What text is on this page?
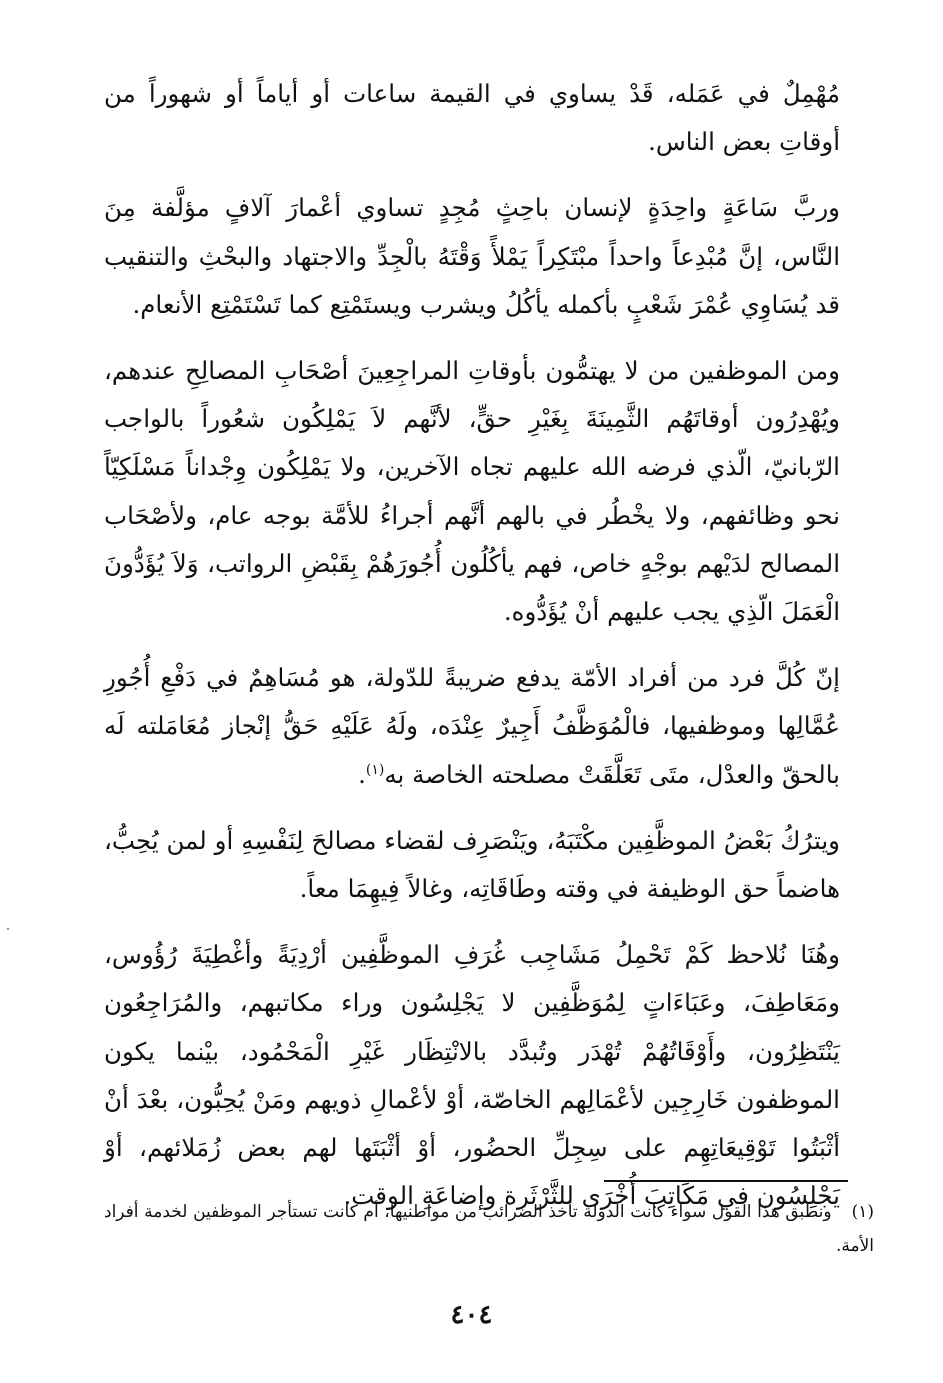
مُهْمِلٌ في عَمَله، قَدْ يساوي في القيمة ساعات أو أياماً أو شهوراً من أوقاتِ بعض الناس.

وربَّ سَاعَةٍ واحِدَةٍ لإنسان باحِثٍ مُجِدٍ تساوي أعْمارَ آلافٍ مؤلَّفة مِنَ النَّاس، إنَّ مُبْدِعاً واحداً مبْتَكِراً يَمْلأً وَقْتَهُ بالْجِدِّ والاجتهاد والبحْثِ والتنقيب قد يُسَاوِي عُمْرَ شَعْبٍ بأكمله يأكُلُ ويشرب ويستَمْتِع كما تَسْتَمْتِع الأنعام.

ومن الموظفين من لا يهتمُّون بأوقاتِ المراجِعِينَ أصْحَابِ المصالِحِ عندهم، ويُهْدِرُون أوقاتَهُم الثَّمِينَةَ بِغَيْرِ حقٍّ، لأنَّهم لاَ يَمْلِكُون شعُوراً بالواجب الرّبانيّ، الّذي فرضه الله عليهم تجاه الآخرين، ولا يَمْلِكُون وِجْداناً مَسْلَكِيّاً نحو وظائفهم، ولا يخْطُر في بالهم أنَّهم أجراءُ للأمَّة بوجه عام، ولأصْحَاب المصالح لدَيْهم بوجْهٍ خاص، فهم يأكُلُون أُجُورَهُمْ بِقَبْضِ الرواتب، وَلاَ يُؤَدُّونَ الْعَمَلَ الّذِي يجب عليهم أنْ يُؤَدُّوه.

إنّ كُلَّ فرد من أفراد الأمّة يدفع ضريبةً للدّولة، هو مُسَاهِمٌ في دَفْعِ أُجُورِ عُمَّالِها وموظفيها، فالْمُوَظَّفُ أَجِيرٌ عِنْدَه، ولَهُ عَلَيْهِ حَقُّ إنْجاز مُعَامَلته لَه بالحقّ والعدْل، متَى تَعَلَّقَتْ مصلحته الخاصة به$^{(١)}$.

ويترُكُ بَعْضُ الموظَّفِين مكْتَبَهُ، ويَنْصَرِف لقضاء مصالحَ لِنَفْسِهِ أو لمن يُحِبُّ، هاضماً حق الوظيفة في وقته وطَاقَاتِه، وغالاً فِيهِمَا معاً.

وهُنَا نُلاحظ كَمْ تَحْمِلُ مَشَاجِب غُرَفِ الموظَّفِين أرْدِيَةً وأغْطِيَةَ رُؤُوس، ومَعَاطِفَ، وعَبَاءَاتٍ لِمُوَظَّفِين لا يَجْلِسُون وراء مكاتبهم، والمُرَاجِعُون يَنْتَظِرُون، وأَوْقَاتُهُمْ تُهْدَر وتُبدَّد بالانْتِظَار غَيْرِ الْمَحْمُود، بيْنما يكون الموظفون خَارِجِين لأعْمَالِهم الخاصّة، أوْ لأعْمالِ ذويهم ومَنْ يُحِبُّون، بعْدَ أنْ أثْبَتُوا تَوْقِيعَاتِهِم على سِجِلِّ الحضُور، أوْ أثْبَتَها لهم بعض زُمَلائهم، أوْ يَجْلِسُون في مَكَاتِبَ أُخْرَى للثَّرْثَرة وإضاعَةِ الوقت.

(١)ونطبق هذا القول سواء كانت الدولة تأخذ الضرائب من مواطنيها، أم كانت تستأجر الموظفين لخدمة أفراد الأمة.
٤٠٤
